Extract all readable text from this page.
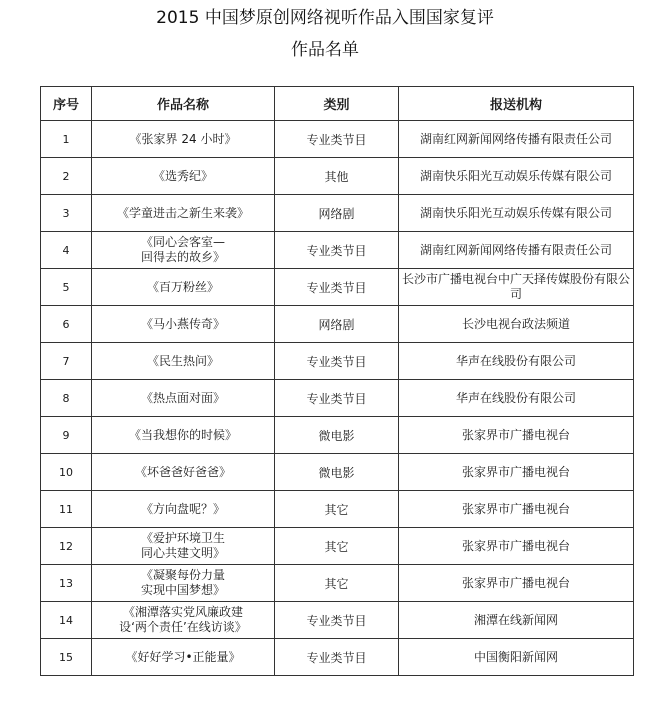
2015 中国梦原创网络视听作品入围国家复评
作品名单
序号	作品名称	类别	报送机构
1	《张家界 24 小时》	专业类节目	湖南红网新闻网络传播有限责任公司
2	《选秀纪》	其他	湖南快乐阳光互动娱乐传媒有限公司
3	《学童进击之新生来袭》	网络剧	湖南快乐阳光互动娱乐传媒有限公司
4	《同心会客室—
回得去的故乡》	专业类节目	湖南红网新闻网络传播有限责任公司
5	《百万粉丝》	专业类节目	长沙市广播电视台中广天择传媒股份有限公司
6	《马小燕传奇》	网络剧	长沙电视台政法频道
7	《民生热问》	专业类节目	华声在线股份有限公司
8	《热点面对面》	专业类节目	华声在线股份有限公司
9	《当我想你的时候》	微电影	张家界市广播电视台
10	《坏爸爸好爸爸》	微电影	张家界市广播电视台
11	《方向盘呢？》	其它	张家界市广播电视台
12	《爱护环境卫生
同心共建文明》	其它	张家界市广播电视台
13	《凝聚每份力量
实现中国梦想》	其它	张家界市广播电视台
14	《湘潭落实党风廉政建
设‘两个责任’在线访谈》	专业类节目	湘潭在线新闻网
15	《好好学习•正能量》	专业类节目	中国衡阳新闻网
